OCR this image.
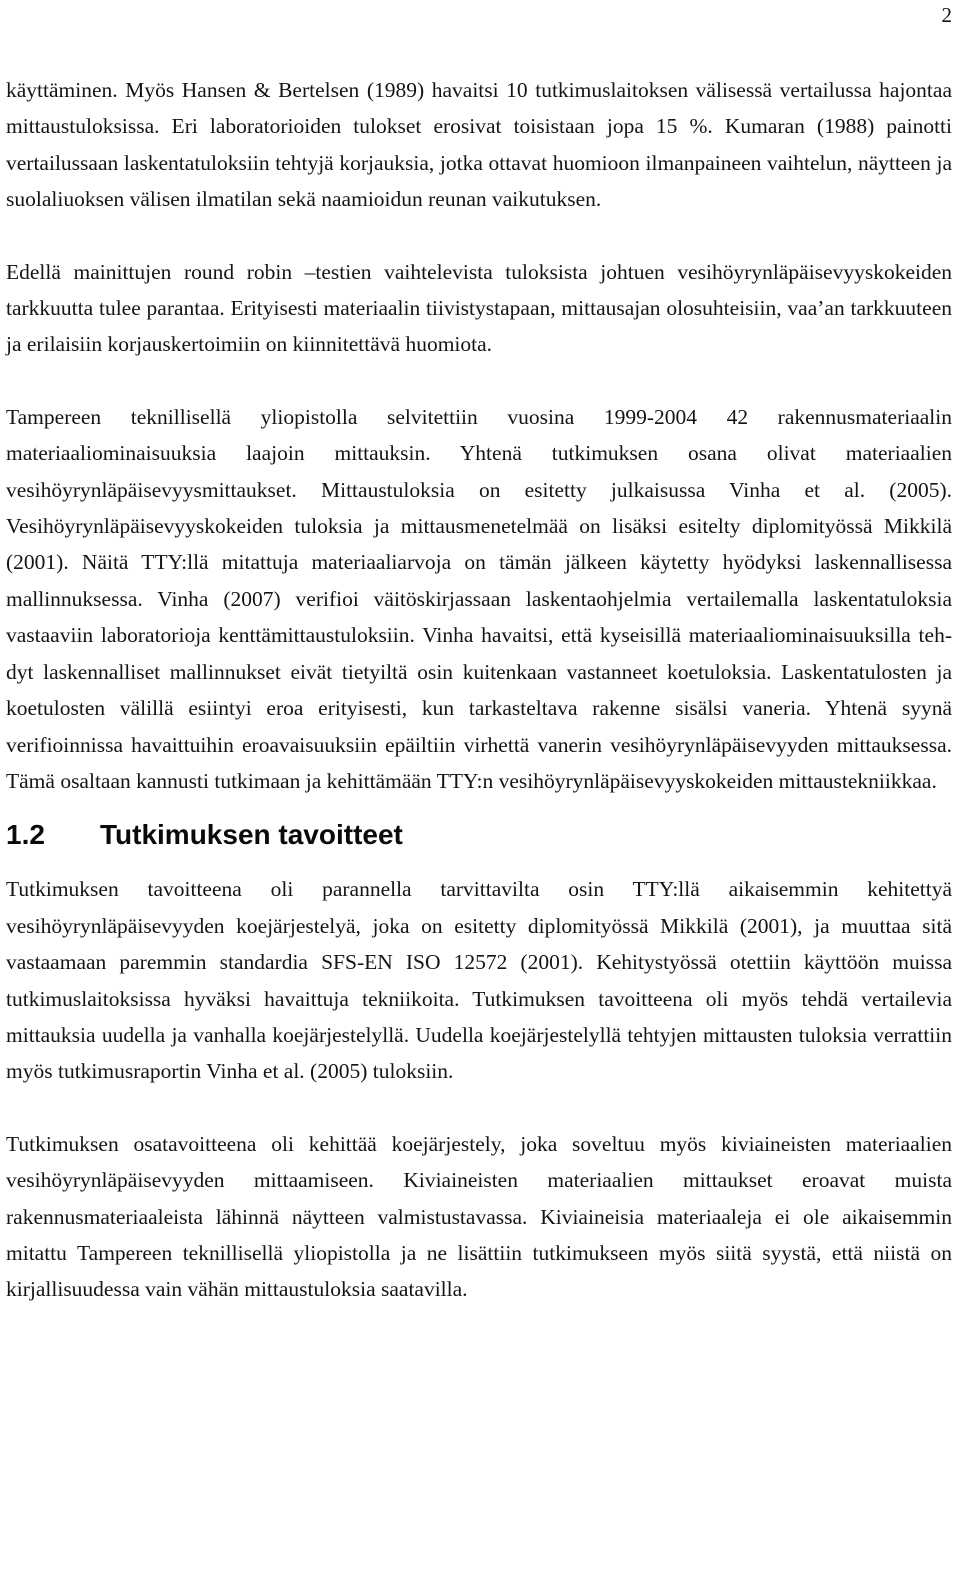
2

käyttäminen. Myös Hansen & Bertelsen (1989) havaitsi 10 tutkimuslaitoksen välisessä vertailussa hajontaa mittaustuloksissa. Eri laboratorioiden tulokset erosivat toisistaan jopa 15 %. Kumaran (1988) painotti vertailussaan laskentatuloksiin tehtyjä korjauksia, jotka ottavat huomioon ilmanpaineen vaihtelun, näytteen ja suolaliuoksen välisen ilmatilan sekä naamioidun reunan vaikutuksen.

Edellä mainittujen round robin –testien vaihtelevista tuloksista johtuen vesihöyrynläpäisevyyskokeiden tarkkuutta tulee parantaa. Erityisesti materiaalin tiivistystapaan, mittausajan olosuhteisiin, vaa’an tarkkuuteen ja erilaisiin korjauskertoimiin on kiinnitettävä huomiota.

Tampereen teknillisellä yliopistolla selvitettiin vuosina 1999-2004 42 rakennusmateriaalin materiaaliominaisuuksia laajoin mittauksin. Yhtenä tutkimuksen osana olivat materiaalien vesihöyrynläpäisevyysmittaukset. Mittaustuloksia on esitetty julkaisussa Vinha et al. (2005). Vesihöyrynläpäisevyyskokeiden tuloksia ja mittausmenetelmää on lisäksi esitelty diplomityössä Mikkilä (2001). Näitä TTY:llä mitattuja materiaaliarvoja on tämän jälkeen käytetty hyödyksi laskennallisessa mallinnuksessa. Vinha (2007) verifioi väitöskirjassaan laskentaohjelmia vertailemalla laskentatuloksia vastaaviin laboratorioja kenttämittaustuloksiin. Vinha havaitsi, että kyseisillä materiaaliominaisuuksilla tehdyt laskennalliset mallinnukset eivät tietyiltä osin kuitenkaan vastanneet koetuloksia. Laskentatulosten ja koetulosten välillä esiintyi eroa erityisesti, kun tarkasteltava rakenne sisälsi vaneria. Yhtenä syynä verifioinnissa havaittuihin eroavaisuuksiin epäiltiin virhettä vanerin vesihöyrynläpäisevyyden mittauksessa. Tämä osaltaan kannusti tutkimaan ja kehittämään TTY:n vesihöyrynläpäisevyyskokeiden mittaustekniikkaa.

1.2	Tutkimuksen tavoitteet

Tutkimuksen tavoitteena oli parannella tarvittavilta osin TTY:llä aikaisemmin kehitettyä vesihöyrynläpäisevyyden koejärjestelyä, joka on esitetty diplomityössä Mikkilä (2001), ja muuttaa sitä vastaamaan paremmin standardia SFS-EN ISO 12572 (2001). Kehitystyössä otettiin käyttöön muissa tutkimuslaitoksissa hyväksi havaittuja tekniikoita. Tutkimuksen tavoitteena oli myös tehdä vertailevia mittauksia uudella ja vanhalla koejärjestelyllä. Uudella koejärjestelyllä tehtyjen mittausten tuloksia verrattiin myös tutkimusraportin Vinha et al. (2005) tuloksiin.

Tutkimuksen osatavoitteena oli kehittää koejärjestely, joka soveltuu myös kiviaineisten materiaalien vesihöyrynläpäisevyyden mittaamiseen. Kiviaineisten materiaalien mittaukset eroavat muista rakennusmateriaaleista lähinnä näytteen valmistustavassa. Kiviaineisia materiaaleja ei ole aikaisemmin mitattu Tampereen teknillisellä yliopistolla ja ne lisättiin tutkimukseen myös siitä syystä, että niistä on kirjallisuudessa vain vähän mittaustuloksia saatavilla.
